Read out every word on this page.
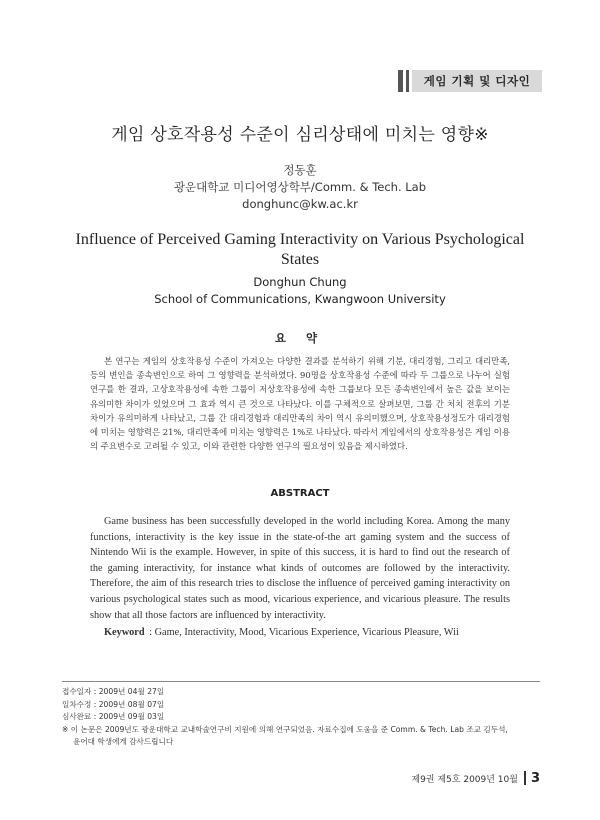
게임 기획 및 디자인
게임 상호작용성 수준이 심리상태에 미치는 영향※
정동훈
광운대학교 미디어영상학부/Comm. & Tech. Lab
donghunc@kw.ac.kr
Influence of Perceived Gaming Interactivity on Various Psychological States
Donghun Chung
School of Communications, Kwangwoon University
요 약
본 연구는 게임의 상호작용성 수준이 가져오는 다양한 결과를 분석하기 위해 기분, 대리경험, 그리고 대리만족, 등의 변인을 종속변인으로 하여 그 영향력을 분석하였다. 90명을 상호작용성 수준에 따라 두 그룹으로 나누어 실험연구를 한 결과, 고상호작용성에 속한 그룹이 저상호작용성에 속한 그룹보다 모든 종속변인에서 높은 값을 보이는 유의미한 차이가 있었으며 그 효과 역시 큰 것으로 나타났다. 이를 구체적으로 살펴보면, 그룹 간 처치 전후의 기분차이가 유의미하게 나타났고, 그룹 간 대리경험과 대리만족의 차이 역시 유의미했으며, 상호작용성정도가 대리경험에 미치는 영향력은 21%, 대리만족에 미치는 영향력은 1%로 나타났다. 따라서 게임에서의 상호작용성은 게임 이용의 주요변수로 고려될 수 있고, 이와 관련한 다양한 연구의 필요성이 있음을 제시하였다.
ABSTRACT
Game business has been successfully developed in the world including Korea. Among the many functions, interactivity is the key issue in the state-of-the art gaming system and the success of Nintendo Wii is the example. However, in spite of this success, it is hard to find out the research of the gaming interactivity, for instance what kinds of outcomes are followed by the interactivity. Therefore, the aim of this research tries to disclose the influence of perceived gaming interactivity on various psychological states such as mood, vicarious experience, and vicarious pleasure. The results show that all those factors are influenced by interactivity.
Keyword : Game, Interactivity, Mood, Vicarious Experience, Vicarious Pleasure, Wii
접수일자 : 2009년 04월 27일
일차수정 : 2009년 08월 07일
심사완료 : 2009년 09월 03일
※ 이 논문은 2009년도 광운대학교 교내학술연구비 지원에 의해 연구되었음. 자료수집에 도움을 준 Comm. & Tech. Lab 조교 김두석,
윤어대 학생에게 감사드립니다
제9권 제5호 2009년 10월 3
